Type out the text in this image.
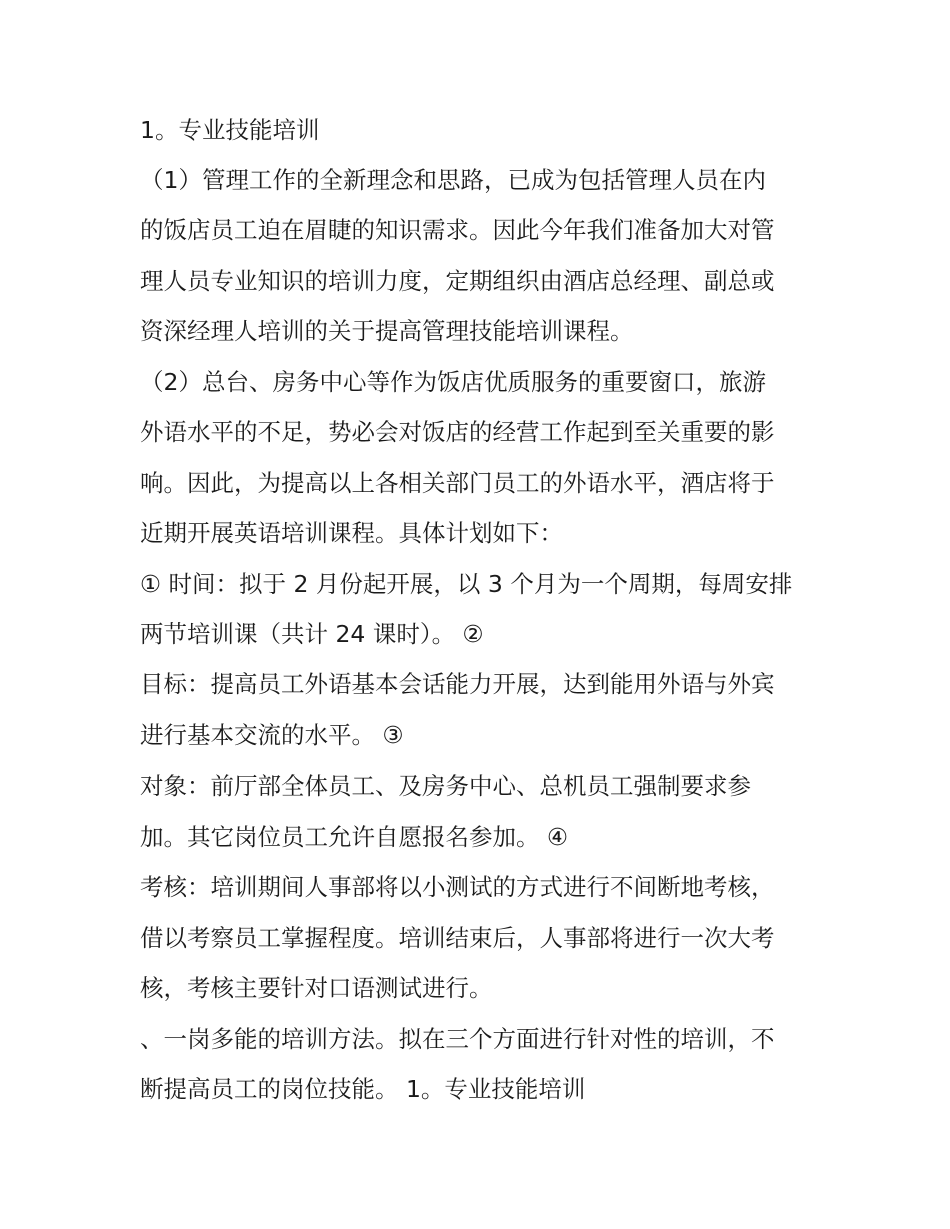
1。专业技能培训
（1）管理工作的全新理念和思路，已成为包括管理人员在内
的饭店员工迫在眉睫的知识需求。因此今年我们准备加大对管
理人员专业知识的培训力度，定期组织由酒店总经理、副总或
资深经理人培训的关于提高管理技能培训课程。
（2）总台、房务中心等作为饭店优质服务的重要窗口，旅游
外语水平的不足，势必会对饭店的经营工作起到至关重要的影
响。因此，为提高以上各相关部门员工的外语水平，酒店将于
近期开展英语培训课程。具体计划如下：
① 时间：拟于 2 月份起开展，以 3 个月为一个周期，每周安排
两节培训课（共计 24 课时）。 ②
目标：提高员工外语基本会话能力开展，达到能用外语与外宾
进行基本交流的水平。 ③
对象：前厅部全体员工、及房务中心、总机员工强制要求参
加。其它岗位员工允许自愿报名参加。 ④
考核：培训期间人事部将以小测试的方式进行不间断地考核，
借以考察员工掌握程度。培训结束后，人事部将进行一次大考
核，考核主要针对口语测试进行。
、一岗多能的培训方法。拟在三个方面进行针对性的培训，不
断提高员工的岗位技能。 1。专业技能培训
